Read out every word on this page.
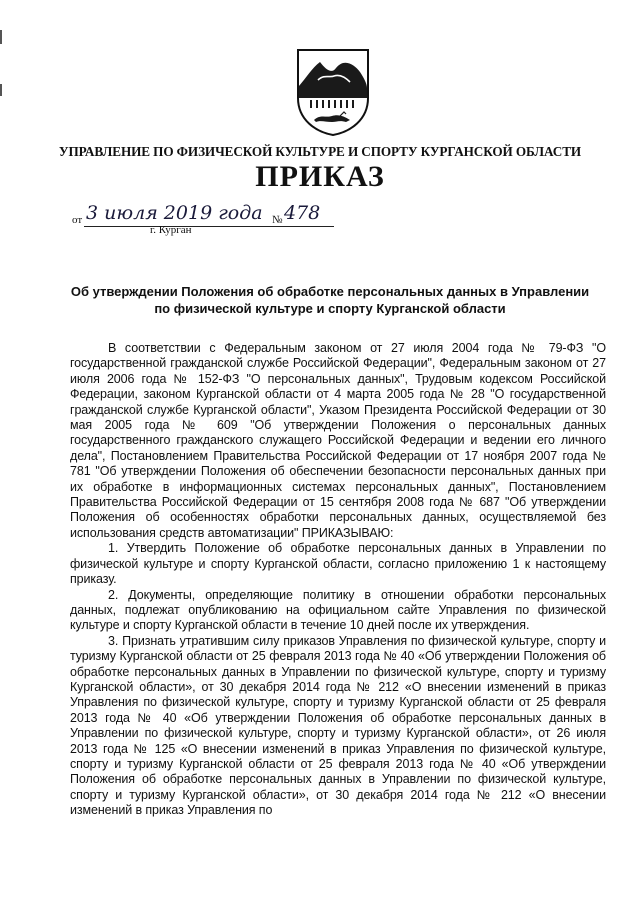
УПРАВЛЕНИЕ ПО ФИЗИЧЕСКОЙ КУЛЬТУРЕ И СПОРТУ КУРГАНСКОЙ ОБЛАСТИ
ПРИКАЗ
от 3 июля 2019 года № 478
г. Курган
Об утверждении Положения об обработке персональных данных в Управлении
по физической культуре и спорту Курганской области

В соответствии с Федеральным законом от 27 июля 2004 года № 79-ФЗ "О государственной гражданской службе Российской Федерации", Федеральным законом от 27 июля 2006 года № 152-ФЗ "О персональных данных", Трудовым кодексом Российской Федерации, законом Курганской области от 4 марта 2005 года № 28 "О государственной гражданской службе Курганской области", Указом Президента Российской Федерации от 30 мая 2005 года № 609 "Об утверждении Положения о персональных данных государственного гражданского служащего Российской Федерации и ведении его личного дела", Постановлением Правительства Российской Федерации от 17 ноября 2007 года № 781 "Об утверждении Положения об обеспечении безопасности персональных данных при их обработке в информационных системах персональных данных", Постановлением Правительства Российской Федерации от 15 сентября 2008 года № 687 "Об утверждении Положения об особенностях обработки персональных данных, осуществляемой без использования средств автоматизации" ПРИКАЗЫВАЮ:

1. Утвердить Положение об обработке персональных данных в Управлении по физической культуре и спорту Курганской области, согласно приложению 1 к настоящему приказу.

2. Документы, определяющие политику в отношении обработки персональных данных, подлежат опубликованию на официальном сайте Управления по физической культуре и спорту Курганской области в течение 10 дней после их утверждения.

3. Признать утратившим силу приказов Управления по физической культуре, спорту и туризму Курганской области от 25 февраля 2013 года № 40 «Об утверждении Положения об обработке персональных данных в Управлении по физической культуре, спорту и туризму Курганской области», от 30 декабря 2014 года № 212 «О внесении изменений в приказ Управления по физической культуре, спорту и туризму Курганской области от 25 февраля 2013 года № 40 «Об утверждении Положения об обработке персональных данных в Управлении по физической культуре, спорту и туризму Курганской области», от 26 июля 2013 года № 125 «О внесении изменений в приказ Управления по физической культуре, спорту и туризму Курганской области от 25 февраля 2013 года № 40 «Об утверждении Положения об обработке персональных данных в Управлении по физической культуре, спорту и туризму Курганской области», от 30 декабря 2014 года № 212 «О внесении изменений в приказ Управления по
